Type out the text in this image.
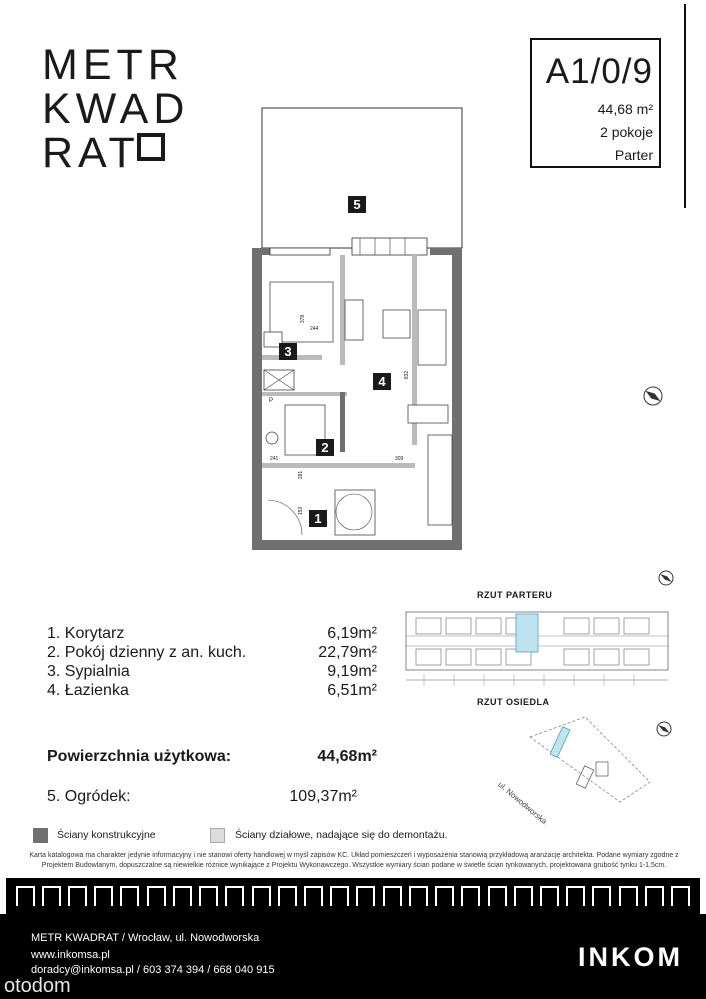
METR
KWAD
RAT
A1/0/9
44,68 m²
2 pokoje
Parter
5
3
4
2
1
378
244
832
241	309
281
153
P
RZUT PARTERU
RZUT OSIEDLA
ul. Nowodworska
1. Korytarz	6,19m²
2. Pokój dzienny z an. kuch.	22,79m²
3. Sypialnia	9,19m²
4. Łazienka	6,51m²
Powierzchnia użytkowa:	44,68m²
5. Ogródek:	109,37m²
Ściany konstrukcyjne	Ściany działowe, nadające się do demontażu.
Karta katalogowa ma charakter jedynie informacyjny i nie stanowi oferty handlowej w myśl zapisów KC. Układ pomieszczeń i wyposażenia stanowią przykładową aranżację architekta. Podane wymiary zgodne z Projektem Budowlanym, dopuszczalne są niewielkie różnice wynikające z Projektu Wykonawczego. Wszystkie wymiary ścian podane w świetle ścian tynkowanych, projektowana grubość tynku 1-1,5cm.
METR KWADRAT / Wrocław, ul. Nowodworska
www.inkomsa.pl
doradcy@inkomsa.pl / 603 374 394 / 668 040 915	INKOM
otodom
